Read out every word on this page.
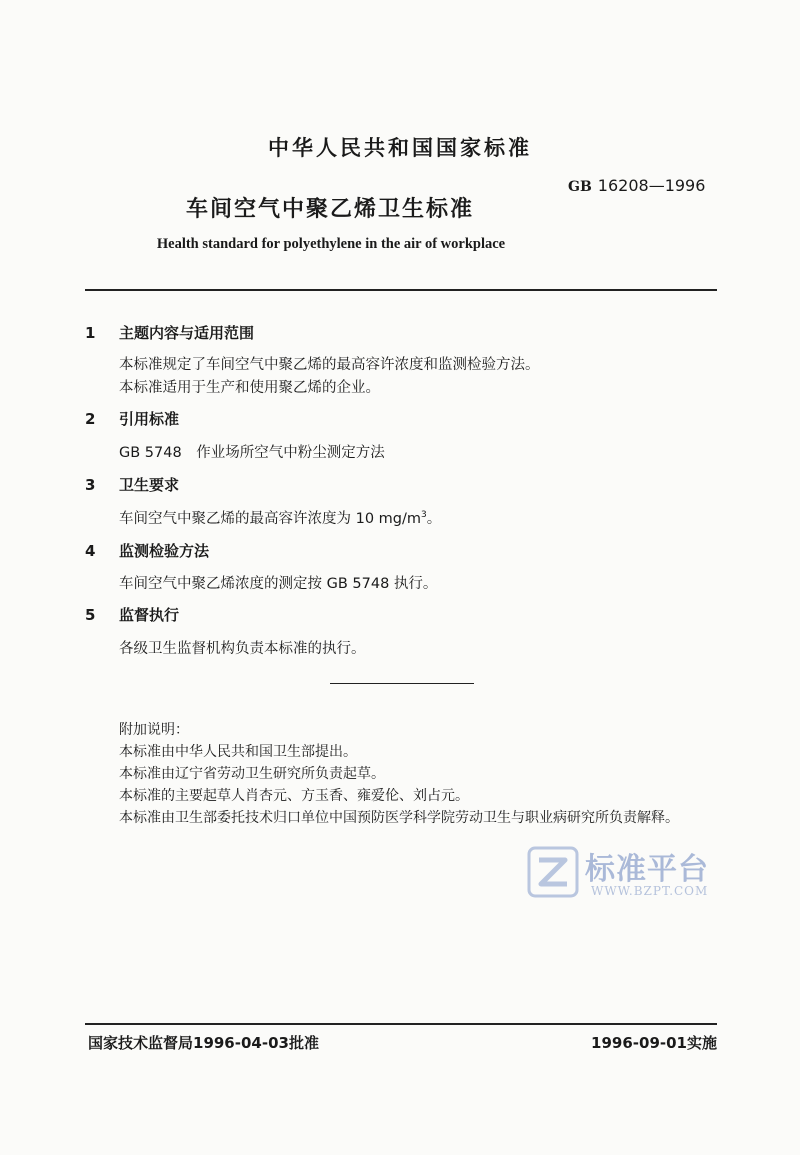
中华人民共和国国家标准
GB 16208—1996
车间空气中聚乙烯卫生标准
Health standard for polyethylene in the air of workplace
1 主题内容与适用范围
本标准规定了车间空气中聚乙烯的最高容许浓度和监测检验方法。
本标准适用于生产和使用聚乙烯的企业。
2 引用标准
GB 5748　作业场所空气中粉尘测定方法
3 卫生要求
车间空气中聚乙烯的最高容许浓度为 10 $mg/m^3$。
4 监测检验方法
车间空气中聚乙烯浓度的测定按 GB 5748 执行。
5 监督执行
各级卫生监督机构负责本标准的执行。
附加说明：
本标准由中华人民共和国卫生部提出。
本标准由辽宁省劳动卫生研究所负责起草。
本标准的主要起草人肖杏元、方玉香、雍爱伦、刘占元。
本标准由卫生部委托技术归口单位中国预防医学科学院劳动卫生与职业病研究所负责解释。
标准平台
WWW.BZPT.COM
国家技术监督局1996-04-03批准	1996-09-01实施
